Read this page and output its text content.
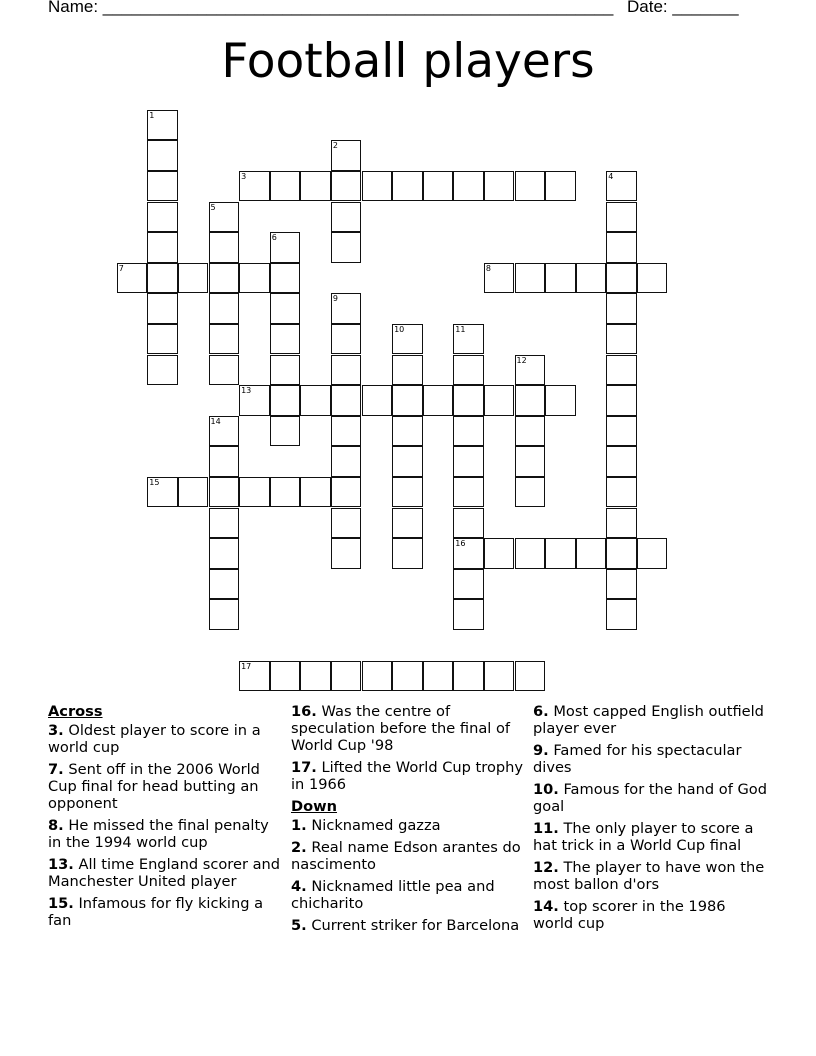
Name: ______________________________________________________ Date: _______
Football players
1
2
3	4
5
6
7	8
9
10	11
16
12
13
14
15
17
Across
3. Oldest player to score in a world cup
7. Sent off in the 2006 World Cup final for head butting an opponent
8. He missed the final penalty in the 1994 world cup
13. All time England scorer and Manchester United player
15. Infamous for fly kicking a fan
16. Was the centre of speculation before the final of World Cup '98
17. Lifted the World Cup trophy in 1966
Down
1. Nicknamed gazza
2. Real name Edson arantes do nascimento
4. Nicknamed little pea and chicharito
5. Current striker for Barcelona
6. Most capped English outfield player ever
9. Famed for his spectacular dives
10. Famous for the hand of God goal
11. The only player to score a hat trick in a World Cup final
12. The player to have won the most ballon d'ors
14. top scorer in the 1986 world cup
